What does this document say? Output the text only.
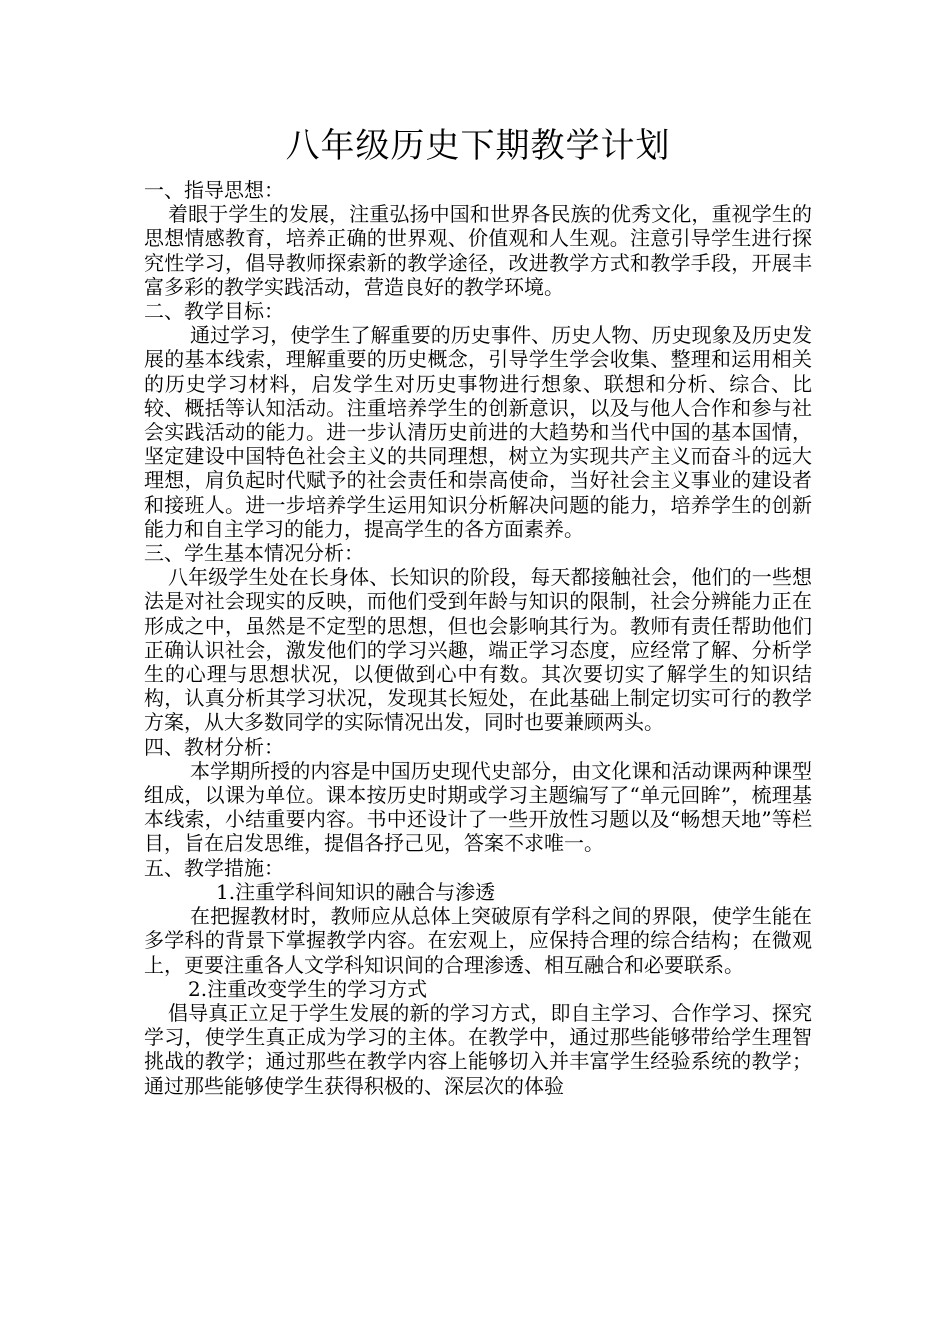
八年级历史下期教学计划

一、指导思想：

着眼于学生的发展，注重弘扬中国和世界各民族的优秀文化，重视学生的思想情感教育，培养正确的世界观、价值观和人生观。注意引导学生进行探究性学习，倡导教师探索新的教学途径，改进教学方式和教学手段，开展丰富多彩的教学实践活动，营造良好的教学环境。

二、教学目标：

通过学习，使学生了解重要的历史事件、历史人物、历史现象及历史发展的基本线索，理解重要的历史概念，引导学生学会收集、整理和运用相关的历史学习材料，启发学生对历史事物进行想象、联想和分析、综合、比较、概括等认知活动。注重培养学生的创新意识，以及与他人合作和参与社会实践活动的能力。进一步认清历史前进的大趋势和当代中国的基本国情，坚定建设中国特色社会主义的共同理想，树立为实现共产主义而奋斗的远大理想，肩负起时代赋予的社会责任和崇高使命，当好社会主义事业的建设者和接班人。进一步培养学生运用知识分析解决问题的能力，培养学生的创新能力和自主学习的能力，提高学生的各方面素养。

三、学生基本情况分析：

八年级学生处在长身体、长知识的阶段，每天都接触社会，他们的一些想法是对社会现实的反映，而他们受到年龄与知识的限制，社会分辨能力正在形成之中，虽然是不定型的思想，但也会影响其行为。教师有责任帮助他们正确认识社会，激发他们的学习兴趣，端正学习态度，应经常了解、分析学生的心理与思想状况，以便做到心中有数。其次要切实了解学生的知识结构，认真分析其学习状况，发现其长短处，在此基础上制定切实可行的教学方案，从大多数同学的实际情况出发，同时也要兼顾两头。

四、教材分析：

本学期所授的内容是中国历史现代史部分，由文化课和活动课两种课型组成，以课为单位。课本按历史时期或学习主题编写了“单元回眸”，梳理基本线索，小结重要内容。书中还设计了一些开放性习题以及“畅想天地”等栏目，旨在启发思维，提倡各抒己见，答案不求唯一。

五、教学措施：

1.注重学科间知识的融合与渗透

在把握教材时，教师应从总体上突破原有学科之间的界限，使学生能在多学科的背景下掌握教学内容。在宏观上，应保持合理的综合结构；在微观上，更要注重各人文学科知识间的合理渗透、相互融合和必要联系。

2.注重改变学生的学习方式

倡导真正立足于学生发展的新的学习方式，即自主学习、合作学习、探究学习，使学生真正成为学习的主体。在教学中，通过那些能够带给学生理智挑战的教学；通过那些在教学内容上能够切入并丰富学生经验系统的教学；通过那些能够使学生获得积极的、深层次的体验
